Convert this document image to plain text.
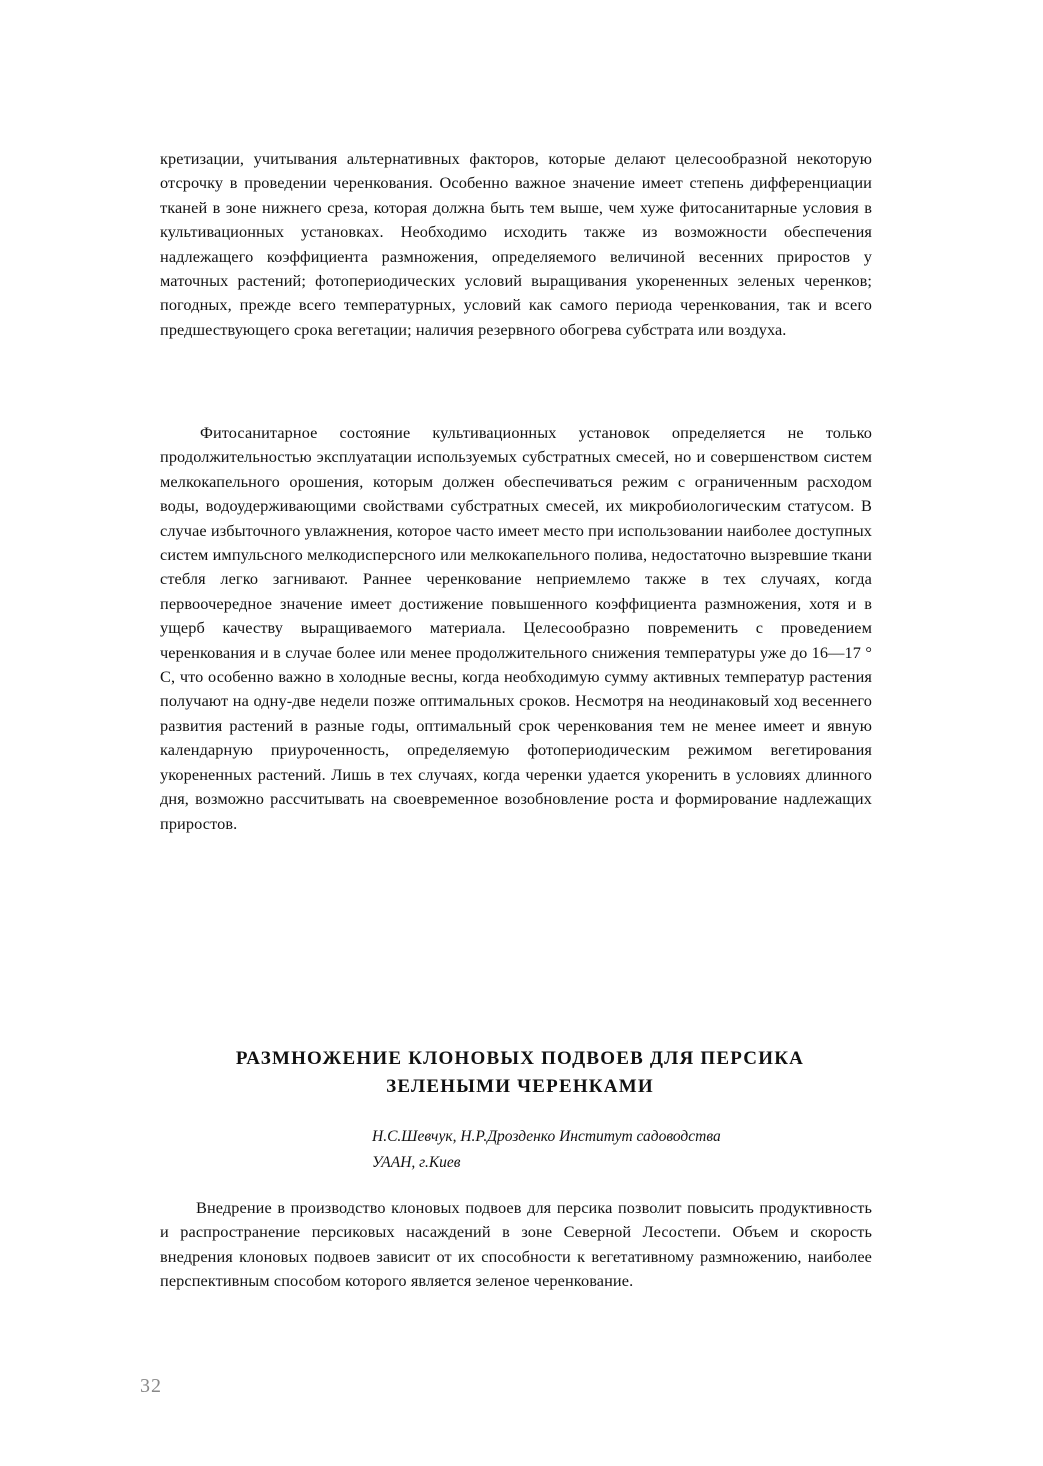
кретизации, учитывания альтернативных факторов, которые делают целесообразной некоторую отсрочку в проведении черенкования. Особенно важное значение имеет степень дифференциации тканей в зоне нижнего среза, которая должна быть тем выше, чем хуже фитосанитарные условия в культивационных установках. Необходимо исходить также из возможности обеспечения надлежащего коэффициента размножения, определяемого величиной весенних приростов у маточных растений; фотопериодических условий выращивания укорененных зеленых черенков; погодных, прежде всего температурных, условий как самого периода черенкования, так и всего предшествующего срока вегетации; наличия резервного обогрева субстрата или воздуха.

Фитосанитарное состояние культивационных установок определяется не только продолжительностью эксплуатации используемых субстратных смесей, но и совершенством систем мелкокапельного орошения, которым должен обеспечиваться режим с ограниченным расходом воды, водоудерживающими свойствами субстратных смесей, их микробиологическим статусом. В случае избыточного увлажнения, которое часто имеет место при использовании наиболее доступных систем импульсного мелкодисперсного или мелкокапельного полива, недостаточно вызревшие ткани стебля легко загнивают. Раннее черенкование неприемлемо также в тех случаях, когда первоочередное значение имеет достижение повышенного коэффициента размножения, хотя и в ущерб качеству выращиваемого материала. Целесообразно повременить с проведением черенкования и в случае более или менее продолжительного снижения температуры уже до 16—17 ° С, что особенно важно в холодные весны, когда необходимую сумму активных температур растения получают на одну-две недели позже оптимальных сроков. Несмотря на неодинаковый ход весеннего развития растений в разные годы, оптимальный срок черенкования тем не менее имеет и явную календарную приуроченность, определяемую фотопериодическим режимом вегетирования укорененных растений. Лишь в тех случаях, когда черенки удается укоренить в условиях длинного дня, возможно рассчитывать на своевременное возобновление роста и формирование надлежащих приростов.

РАЗМНОЖЕНИЕ КЛОНОВЫХ ПОДВОЕВ ДЛЯ ПЕРСИКА
ЗЕЛЕНЫМИ ЧЕРЕНКАМИ
Н.С.Шевчук, Н.Р.Дрозденко Институт садоводства
УААН, г.Киев

Внедрение в производство клоновых подвоев для персика позволит повысить продуктивность и распространение персиковых насаждений в зоне Северной Лесостепи. Объем и скорость внедрения клоновых подвоев зависит от их способности к вегетативному размножению, наиболее перспективным способом которого является зеленое черенкование.

32
